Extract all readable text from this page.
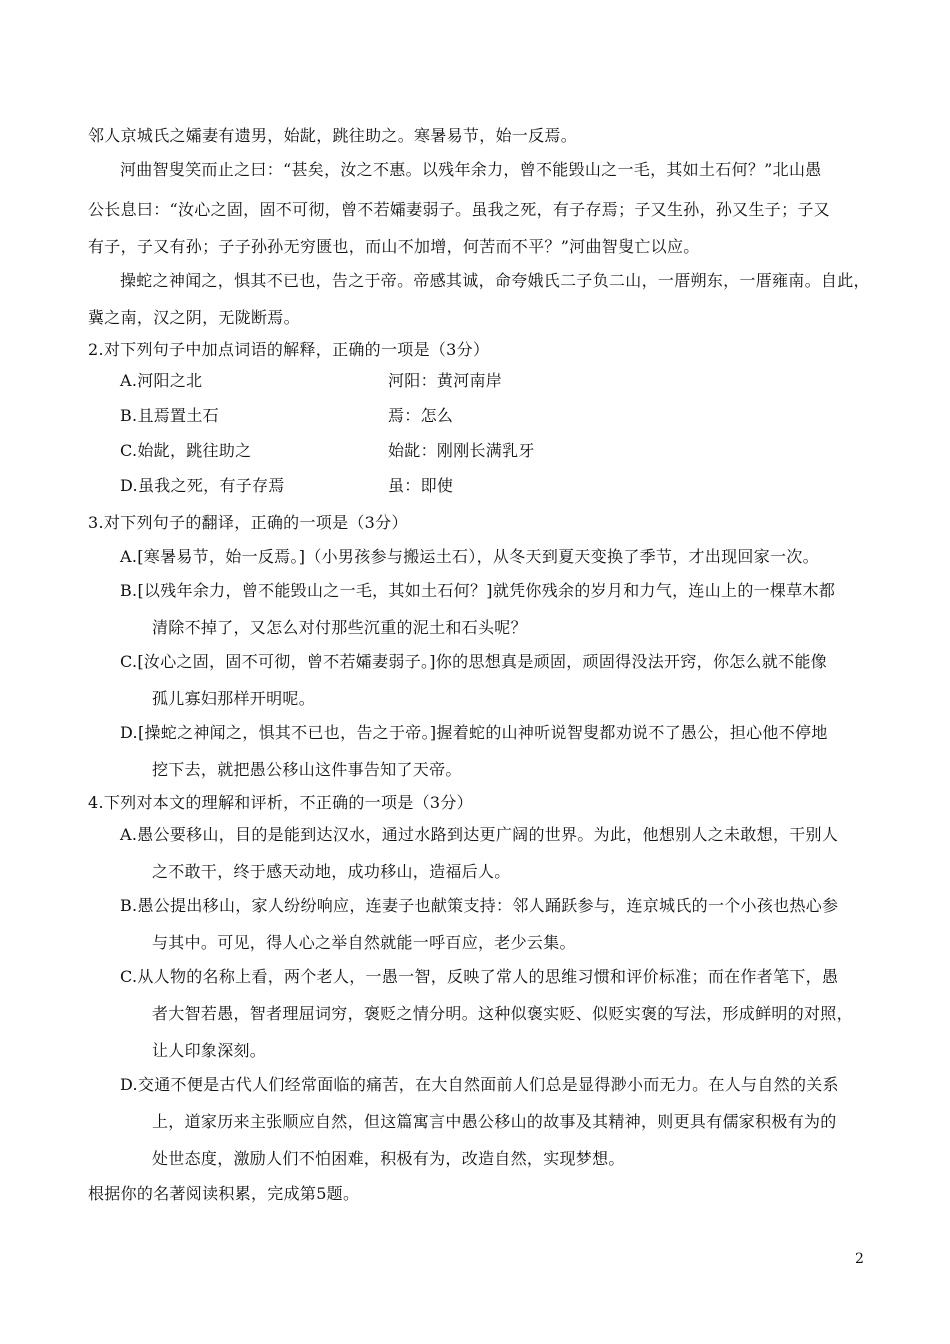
邻人京城氏之孀妻有遗男，始龀，跳往助之。寒暑易节，始一反焉。
河曲智叟笑而止之曰：“甚矣，汝之不惠。以残年余力，曾不能毁山之一毛，其如土石何？”北山愚
公长息曰：“汝心之固，固不可彻，曾不若孀妻弱子。虽我之死，有子存焉；子又生孙，孙又生子；子又
有子，子又有孙；子子孙孙无穷匮也，而山不加增，何苦而不平？”河曲智叟亡以应。
操蛇之神闻之，惧其不已也，告之于帝。帝感其诚，命夸娥氏二子负二山，一厝朔东，一厝雍南。自此，
冀之南，汉之阴，无陇断焉。
2.对下列句子中加点词语的解释，正确的一项是（3分）
A.河阳之北	河阳：黄河南岸
B.且焉置土石	焉：怎么
C.始龀，跳往助之	始龀：刚刚长满乳牙
D.虽我之死，有子存焉	虽：即使
3.对下列句子的翻译，正确的一项是（3分）
A.[寒暑易节，始一反焉。]（小男孩参与搬运土石），从冬天到夏天变换了季节，才出现回家一次。
B.[以残年余力，曾不能毁山之一毛，其如土石何？]就凭你残余的岁月和力气，连山上的一棵草木都
清除不掉了，又怎么对付那些沉重的泥土和石头呢？
C.[汝心之固，固不可彻，曾不若孀妻弱子。]你的思想真是顽固，顽固得没法开窍，你怎么就不能像
孤儿寡妇那样开明呢。
D.[操蛇之神闻之，惧其不已也，告之于帝。]握着蛇的山神听说智叟都劝说不了愚公，担心他不停地
挖下去，就把愚公移山这件事告知了天帝。
4.下列对本文的理解和评析，不正确的一项是（3分）
A.愚公要移山，目的是能到达汉水，通过水路到达更广阔的世界。为此，他想别人之未敢想，干别人
之不敢干，终于感天动地，成功移山，造福后人。
B.愚公提出移山，家人纷纷响应，连妻子也献策支持：邻人踊跃参与，连京城氏的一个小孩也热心参
与其中。可见，得人心之举自然就能一呼百应，老少云集。
C.从人物的名称上看，两个老人，一愚一智，反映了常人的思维习惯和评价标准；而在作者笔下，愚
者大智若愚，智者理屈词穷，褒贬之情分明。这种似褒实贬、似贬实褒的写法，形成鲜明的对照，
让人印象深刻。
D.交通不便是古代人们经常面临的痛苦，在大自然面前人们总是显得渺小而无力。在人与自然的关系
上，道家历来主张顺应自然，但这篇寓言中愚公移山的故事及其精神，则更具有儒家积极有为的
处世态度，激励人们不怕困难，积极有为，改造自然，实现梦想。
根据你的名著阅读积累，完成第5题。
2
